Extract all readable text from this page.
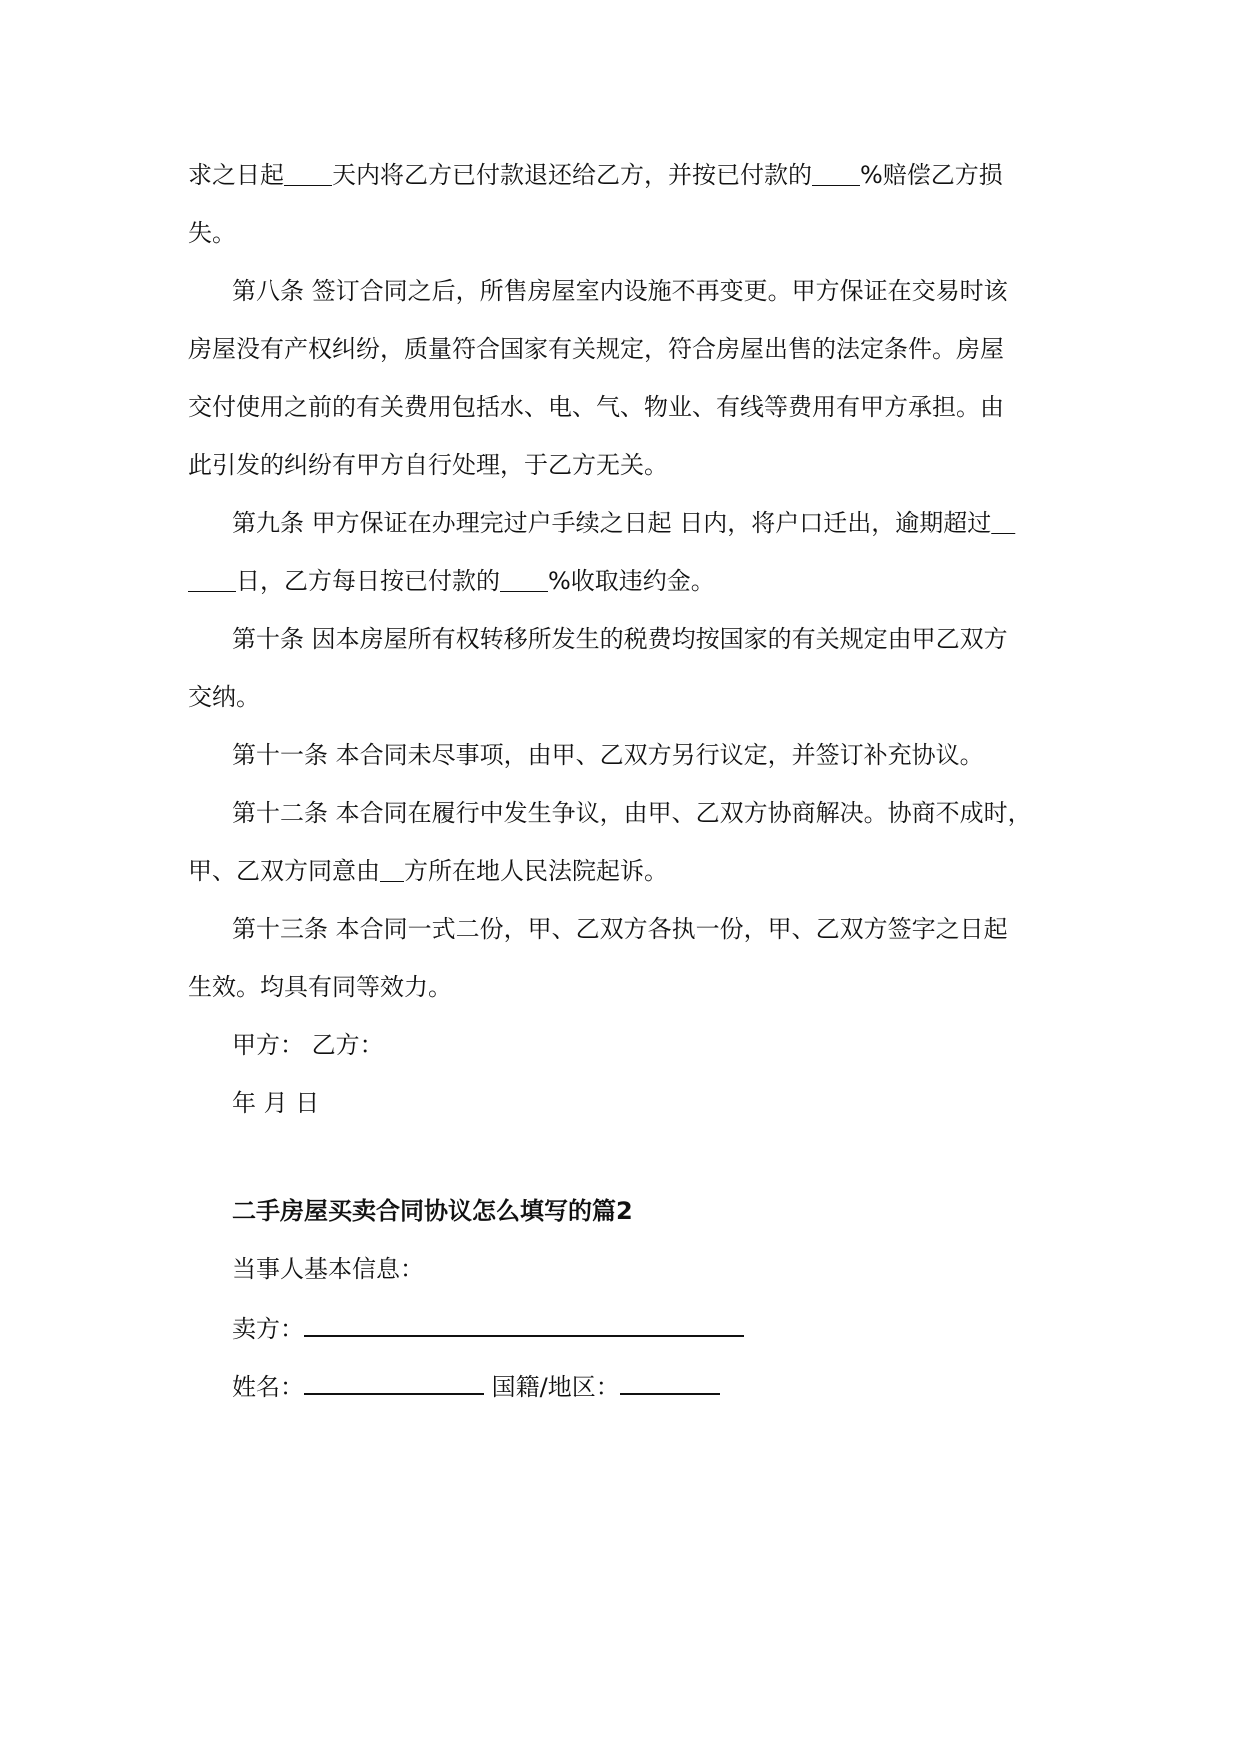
求之日起＿＿天内将乙方已付款退还给乙方，并按已付款的＿＿%赔偿乙方损
失。
第八条 签订合同之后，所售房屋室内设施不再变更。甲方保证在交易时该
房屋没有产权纠纷，质量符合国家有关规定，符合房屋出售的法定条件。房屋
交付使用之前的有关费用包括水、电、气、物业、有线等费用有甲方承担。由
此引发的纠纷有甲方自行处理，于乙方无关。
第九条 甲方保证在办理完过户手续之日起 日内，将户口迁出，逾期超过＿
＿＿日，乙方每日按已付款的＿＿%收取违约金。
第十条 因本房屋所有权转移所发生的税费均按国家的有关规定由甲乙双方
交纳。
第十一条 本合同未尽事项，由甲、乙双方另行议定，并签订补充协议。
第十二条 本合同在履行中发生争议，由甲、乙双方协商解决。协商不成时，
甲、乙双方同意由＿方所在地人民法院起诉。
第十三条 本合同一式二份，甲、乙双方各执一份，甲、乙双方签字之日起
生效。均具有同等效力。
甲方： 乙方：
年 月 日
二手房屋买卖合同协议怎么填写的篇2
当事人基本信息：
卖方：
姓名：	国籍/地区：
